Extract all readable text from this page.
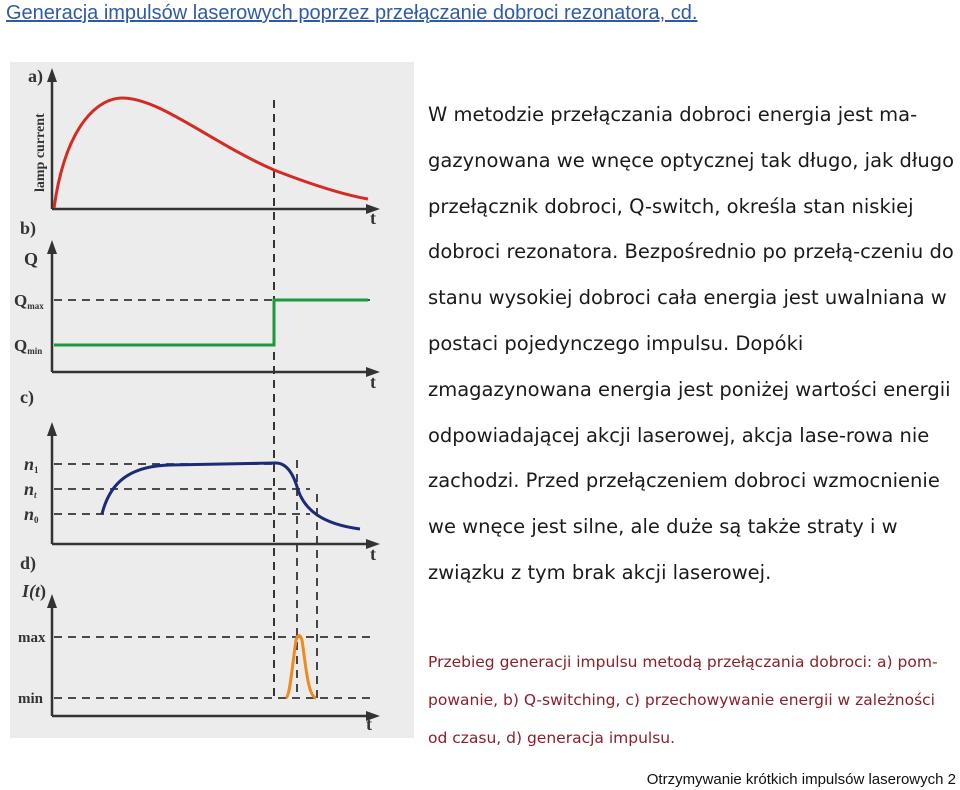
Generacja impulsów laserowych poprzez przełączanie dobroci rezonatora, cd.
a)
lamp current
t
b)
Q
Qmax
Qmin
t
c)
n1
nt
n0
t
d)
I(t)
max
min
t

W metodzie przełączania dobroci energia jest ma-gazynowana we wnęce optycznej tak długo, jak długo przełącznik dobroci, Q-switch, określa stan niskiej dobroci rezonatora. Bezpośrednio po przełą-czeniu do stanu wysokiej dobroci cała energia jest uwalniana w postaci pojedynczego impulsu. Dopóki zmagazynowana energia jest poniżej wartości energii odpowiadającej akcji laserowej, akcja lase-rowa nie zachodzi. Przed przełączeniem dobroci wzmocnienie we wnęce jest silne, ale duże są także straty i w związku z tym brak akcji laserowej.

Przebieg generacji impulsu metodą przełączania dobroci: a) pom-powanie, b) Q-switching, c) przechowywanie energii w zależności od czasu, d) generacja impulsu.

Otrzymywanie krótkich impulsów laserowych 2
